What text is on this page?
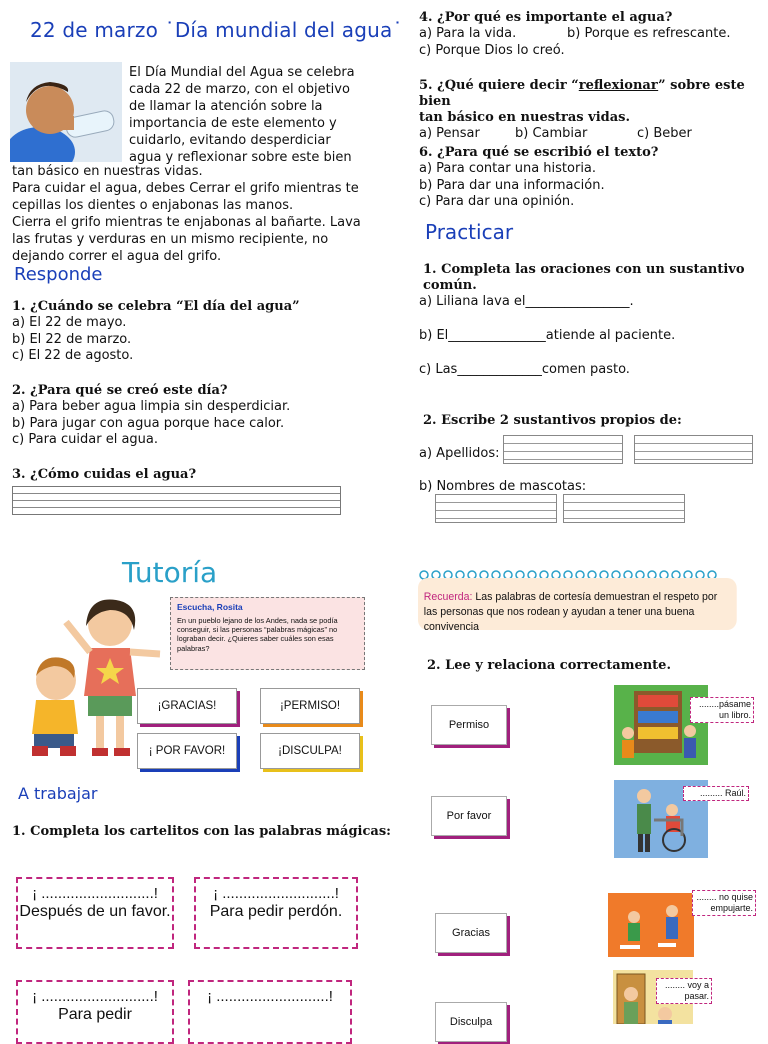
22 de marzo ˙Día mundial del agua˙
El Día Mundial del Agua se celebra
cada 22 de marzo, con el objetivo
de llamar la atención sobre la
importancia de este elemento y
cuidarlo, evitando desperdiciar
agua y reflexionar sobre este bien
tan básico en nuestras vidas.
Para cuidar el agua, debes Cerrar el grifo mientras te
cepillas los dientes o enjabonas las manos.
Cierra el grifo mientras te enjabonas al bañarte. Lava
las frutas y verduras en un mismo recipiente, no
dejando correr el agua del grifo.
Responde
1. ¿Cuándo se celebra “El día del agua”
a) El 22 de mayo.
b) El 22 de marzo.
c) El 22 de agosto.
2. ¿Para qué se creó este día?
a) Para beber agua limpia sin desperdiciar.
b) Para jugar con agua porque hace calor.
c) Para cuidar el agua.
3. ¿Cómo cuidas el agua?
4. ¿Por qué es importante el agua?
a) Para la vida.	b) Porque es refrescante.
c) Porque Dios lo creó.
5. ¿Qué quiere decir “reflexionar” sobre este bien
tan básico en nuestras vidas.
a) Pensar	b) Cambiar	c) Beber
6. ¿Para qué se escribió el texto?
a) Para contar una historia.
b) Para dar una información.
c) Para dar una opinión.
Practicar
1. Completa las oraciones con un sustantivo
común.
a) Liliana lava el________________.
b) El_______________atiende al paciente.
c) Las_____________comen pasto.
2. Escribe 2 sustantivos propios de:
a) Apellidos:
b) Nombres de mascotas:
Tutoría
Escucha, Rosita
En un pueblo lejano de los Andes, nada se podía conseguir, si las personas “palabras mágicas” no lograban decir. ¿Quieres saber cuáles son esas palabras?
¡GRACIAS!	¡PERMISO!
¡ POR FAVOR!	¡DISCULPA!
A trabajar
1. Completa los cartelitos con las palabras mágicas:
¡ ...........................!
Después de un favor.
¡ ...........................!
Para pedir perdón.
¡ ...........................!
Para pedir
¡ ...........................!
Recuerda: Las palabras de cortesía demuestran el respeto por las personas que nos rodean y ayudan a tener una buena convivencia
2. Lee y relaciona correctamente.
Permiso
Por favor
Gracias
Disculpa
........pásame un libro.
......... Raúl.
........ no quise empujarte.
........ voy a pasar.
